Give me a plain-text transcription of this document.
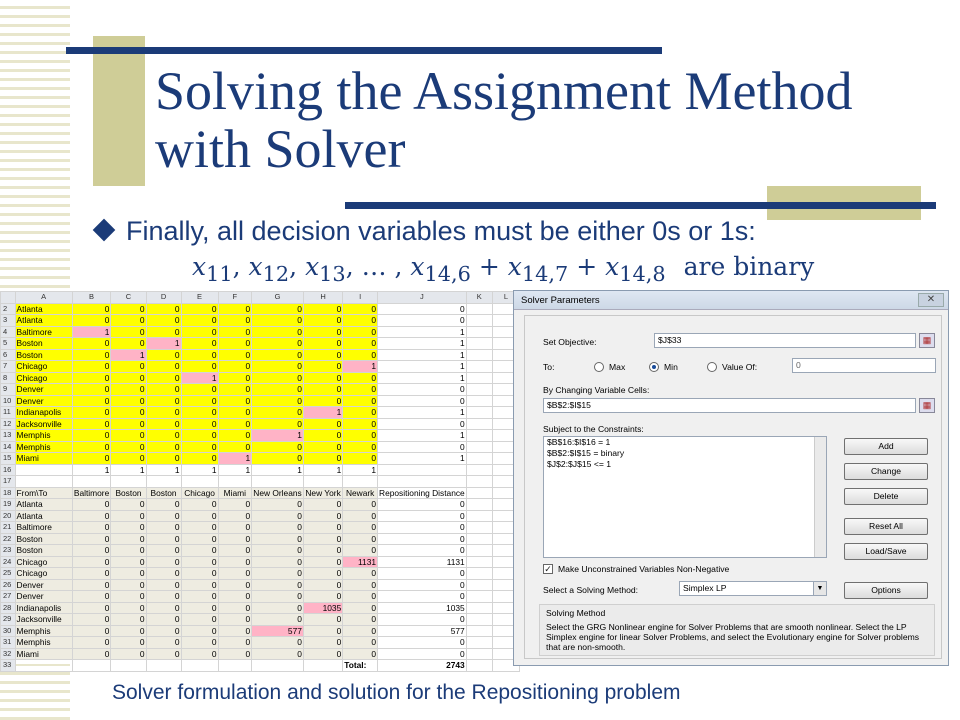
Solving the Assignment Method with Solver
Finally, all decision variables must be either 0s or 1s:
$x_{11}$, $x_{12}$, $x_{13}$, … , $x_{14,6} + x_{14,7} + x_{14,8}$ are binary
	A	B	C	D	E	F	G	H	I	J	K	L
2	Atlanta	0	0	0	0	0	0	0	0	0		
3	Atlanta	0	0	0	0	0	0	0	0	0		
4	Baltimore	1	0	0	0	0	0	0	0	1		
5	Boston	0	0	1	0	0	0	0	0	1		
6	Boston	0	1	0	0	0	0	0	0	1		
7	Chicago	0	0	0	0	0	0	0	1	1		
8	Chicago	0	0	0	1	0	0	0	0	1		
9	Denver	0	0	0	0	0	0	0	0	0		
10	Denver	0	0	0	0	0	0	0	0	0		
11	Indianapolis	0	0	0	0	0	0	1	0	1		
12	Jacksonville	0	0	0	0	0	0	0	0	0		
13	Memphis	0	0	0	0	0	1	0	0	1		
14	Memphis	0	0	0	0	0	0	0	0	0		
15	Miami	0	0	0	0	1	0	0	0	1		
16		1	1	1	1	1	1	1	1			
17												
18	From\To	Baltimore	Boston	Boston	Chicago	Miami	New Orleans	New York	Newark	Repositioning Distance		
19	Atlanta	0	0	0	0	0	0	0	0	0		
20	Atlanta	0	0	0	0	0	0	0	0	0		
21	Baltimore	0	0	0	0	0	0	0	0	0		
22	Boston	0	0	0	0	0	0	0	0	0		
23	Boston	0	0	0	0	0	0	0	0	0		
24	Chicago	0	0	0	0	0	0	0	1131	1131		
25	Chicago	0	0	0	0	0	0	0	0	0		
26	Denver	0	0	0	0	0	0	0	0	0		
27	Denver	0	0	0	0	0	0	0	0	0		
28	Indianapolis	0	0	0	0	0	0	1035	0	1035		
29	Jacksonville	0	0	0	0	0	0	0	0	0		
30	Memphis	0	0	0	0	0	577	0	0	577		
31	Memphis	0	0	0	0	0	0	0	0	0		
32	Miami	0	0	0	0	0	0	0	0	0		
33									Total:	2743		
Solver Parameters	✕
Set Objective:	$J$33	▦
To:	Max	Min	Value Of:	0
By Changing Variable Cells:
$B$2:$I$15	▦
Subject to the Constraints:
$B$16:$I$16 = 1
$B$2:$I$15 = binary
$J$2:$J$15 <= 1
Add
Change
Delete
Reset All
Load/Save
✓ Make Unconstrained Variables Non-Negative
Select a Solving Method:	Simplex LP	▼	Options
Solving Method
Select the GRG Nonlinear engine for Solver Problems that are smooth nonlinear. Select the LP Simplex engine for linear Solver Problems, and select the Evolutionary engine for Solver problems that are non-smooth.
Solver formulation and solution for the Repositioning problem
